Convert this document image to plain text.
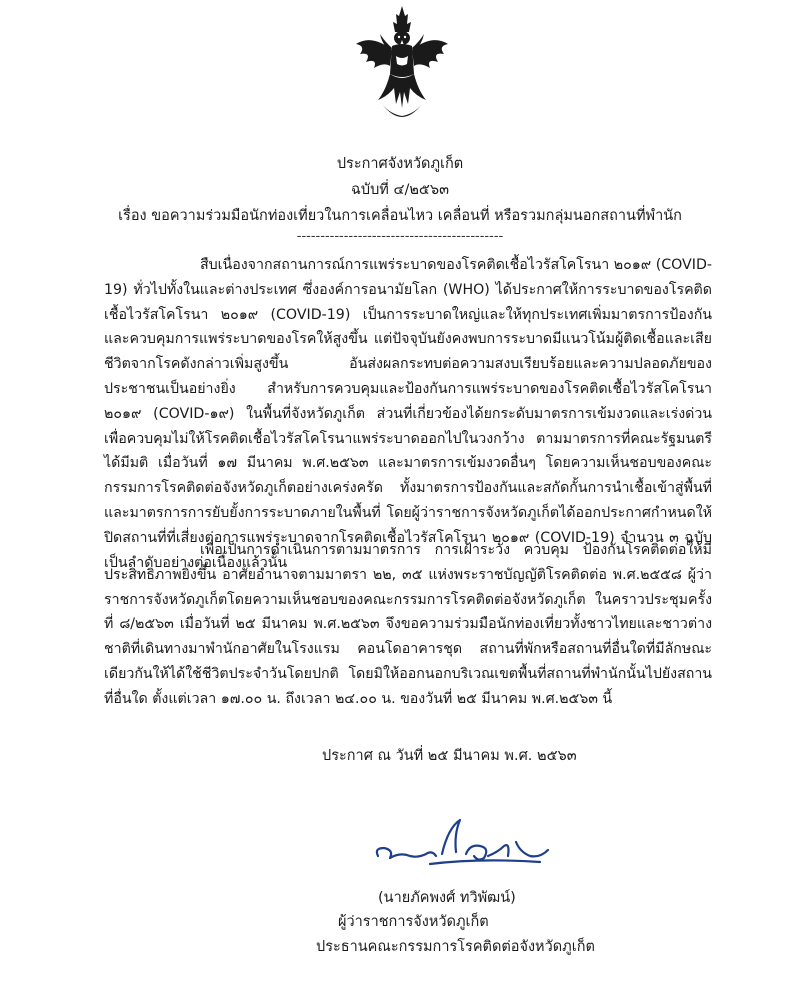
ประกาศจังหวัดภูเก็ต
ฉบับที่ ๔/๒๕๖๓
เรื่อง ขอความร่วมมือนักท่องเที่ยวในการเคลื่อนไหว เคลื่อนที่ หรือรวมกลุ่มนอกสถานที่พำนัก
--------------------------------------------
สืบเนื่องจากสถานการณ์การแพร่ระบาดของโรคติดเชื้อไวรัสโคโรนา ๒๐๑๙ (COVID-19) ทั่วไปทั้งในและต่างประเทศ ซึ่งองค์การอนามัยโลก (WHO) ได้ประกาศให้การระบาดของโรคติดเชื้อไวรัสโคโรนา ๒๐๑๙ (COVID-19) เป็นการระบาดใหญ่และให้ทุกประเทศเพิ่มมาตรการป้องกันและควบคุมการแพร่ระบาดของโรคให้สูงขึ้น แต่ปัจจุบันยังคงพบการระบาดมีแนวโน้มผู้ติดเชื้อและเสียชีวิตจากโรคดังกล่าวเพิ่มสูงขึ้น อันส่งผลกระทบต่อความสงบเรียบร้อยและความปลอดภัยของประชาชนเป็นอย่างยิ่ง สำหรับการควบคุมและป้องกันการแพร่ระบาดของโรคติดเชื้อไวรัสโคโรนา ๒๐๑๙ (COVID-๑๙) ในพื้นที่จังหวัดภูเก็ต ส่วนที่เกี่ยวข้องได้ยกระดับมาตรการเข้มงวดและเร่งด่วน เพื่อควบคุมไม่ให้โรคติดเชื้อไวรัสโคโรนาแพร่ระบาดออกไปในวงกว้าง ตามมาตรการที่คณะรัฐมนตรีได้มีมติ เมื่อวันที่ ๑๗ มีนาคม พ.ศ.๒๕๖๓ และมาตรการเข้มงวดอื่นๆ โดยความเห็นชอบของคณะกรรมการโรคติดต่อจังหวัดภูเก็ตอย่างเคร่งครัด ทั้งมาตรการป้องกันและสกัดกั้นการนำเชื้อเข้าสู่พื้นที่ และมาตรการการยับยั้งการระบาดภายในพื้นที่ โดยผู้ว่าราชการจังหวัดภูเก็ตได้ออกประกาศกำหนดให้ปิดสถานที่ที่เสี่ยงต่อการแพร่ระบาดจากโรคติดเชื้อไวรัสโคโรนา ๒๐๑๙ (COVID-19) จำนวน ๓ ฉบับ เป็นลำดับอย่างต่อเนื่องแล้วนั้น
เพื่อเป็นการดำเนินการตามมาตรการ การเฝ้าระวัง ควบคุม ป้องกันโรคติดต่อให้มีประสิทธิภาพยิ่งขึ้น อาศัยอำนาจตามมาตรา ๒๒, ๓๕ แห่งพระราชบัญญัติโรคติดต่อ พ.ศ.๒๕๕๘ ผู้ว่าราชการจังหวัดภูเก็ตโดยความเห็นชอบของคณะกรรมการโรคติดต่อจังหวัดภูเก็ต ในคราวประชุมครั้งที่ ๘/๒๕๖๓ เมื่อวันที่ ๒๕ มีนาคม พ.ศ.๒๕๖๓ จึงขอความร่วมมือนักท่องเที่ยวทั้งชาวไทยและชาวต่างชาติที่เดินทางมาพำนักอาศัยในโรงแรม คอนโดอาคารชุด สถานที่พักหรือสถานที่อื่นใดที่มีลักษณะเดียวกันให้ได้ใช้ชีวิตประจำวันโดยปกติ โดยมิให้ออกนอกบริเวณเขตพื้นที่สถานที่พำนักนั้นไปยังสถานที่อื่นใด ตั้งแต่เวลา ๑๗.๐๐ น. ถึงเวลา ๒๔.๐๐ น. ของวันที่ ๒๕ มีนาคม พ.ศ.๒๕๖๓ นี้
ประกาศ ณ วันที่ ๒๕ มีนาคม พ.ศ. ๒๕๖๓
(นายภัคพงศ์ ทวิพัฒน์)
ผู้ว่าราชการจังหวัดภูเก็ต
ประธานคณะกรรมการโรคติดต่อจังหวัดภูเก็ต
